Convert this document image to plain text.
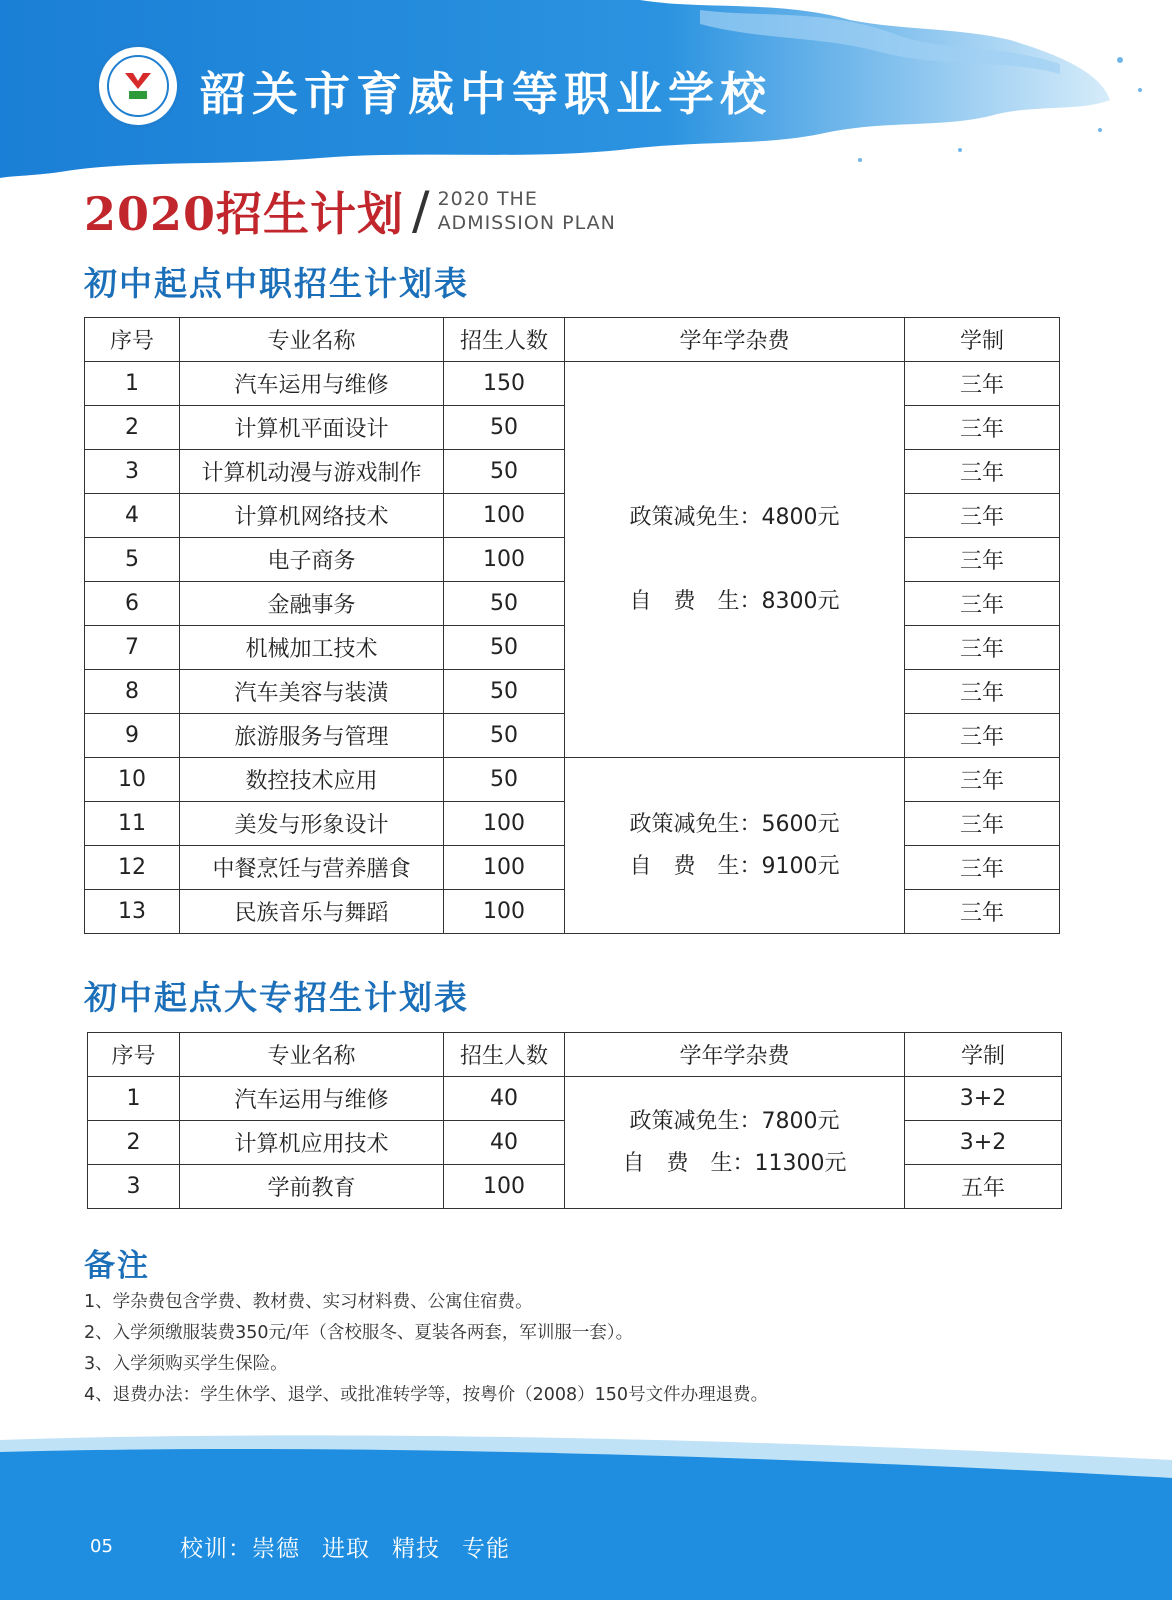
韶关市育威中等职业学校
2020招生计划 / 2020 THE
ADMISSION PLAN
初中起点中职招生计划表
序号	专业名称	招生人数	学年学杂费	学制
1	汽车运用与维修	150	政策减免生：4800元
自费生：8300元	三年
2	计算机平面设计	50		三年
3	计算机动漫与游戏制作	50		三年
4	计算机网络技术	100		三年
5	电子商务	100		三年
6	金融事务	50		三年
7	机械加工技术	50		三年
8	汽车美容与装潢	50		三年
9	旅游服务与管理	50		三年
10	数控技术应用	50	政策减免生：5600元
自费生：9100元	三年
11	美发与形象设计	100		三年
12	中餐烹饪与营养膳食	100		三年
13	民族音乐与舞蹈	100		三年
初中起点大专招生计划表
序号	专业名称	招生人数	学年学杂费	学制
1	汽车运用与维修	40	政策减免生：7800元
自费生：11300元	3+2
2	计算机应用技术	40		3+2
3	学前教育	100		五年
备注
1、学杂费包含学费、教材费、实习材料费、公寓住宿费。
2、入学须缴服装费350元/年（含校服冬、夏装各两套，军训服一套）。
3、入学须购买学生保险。
4、退费办法：学生休学、退学、或批准转学等，按粤价（2008）150号文件办理退费。
05	校训：崇德 进取 精技 专能
